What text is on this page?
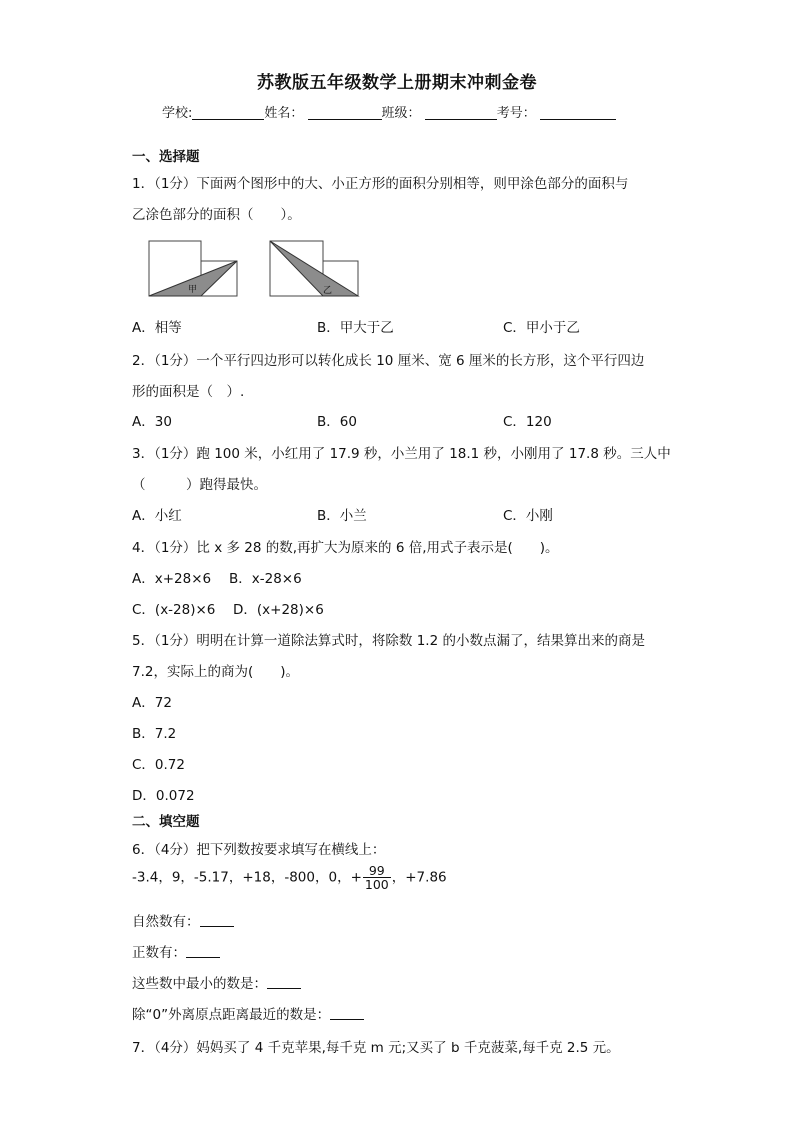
苏教版五年级数学上册期末冲刺金卷
学校:	姓名：	班级：	考号：
一、选择题
1．（1分）下面两个图形中的大、小正方形的面积分别相等，则甲涂色部分的面积与
乙涂色部分的面积（　　）。
甲	乙
A．相等	B．甲大于乙	C．甲小于乙
2．（1分）一个平行四边形可以转化成长 10 厘米、宽 6 厘米的长方形，这个平行四边
形的面积是（　）.
A．30	B．60	C．120
3．（1分）跑 100 米，小红用了 17.9 秒，小兰用了 18.1 秒，小刚用了 17.8 秒。三人中
（　　　）跑得最快。
A．小红	B．小兰	C．小刚
4．（1分）比 x 多 28 的数,再扩大为原来的 6 倍,用式子表示是(　　)。
A．x+28×6 B．x-28×6
C．(x-28)×6 D．(x+28)×6
5．（1分）明明在计算一道除法算式时，将除数 1.2 的小数点漏了，结果算出来的商是
7.2，实际上的商为(　　)。
A．72
B．7.2
C．0.72
D．0.072
二、填空题
6．（4分）把下列数按要求填写在横线上：
-3.4，9，-5.17，+18，-800，0，+ $\frac{99}{100}$ ，+7.86
自然数有：
正数有：
这些数中最小的数是：
除“0”外离原点距离最近的数是：
7．（4分）妈妈买了 4 千克苹果,每千克 m 元;又买了 b 千克菠菜,每千克 2.5 元。
